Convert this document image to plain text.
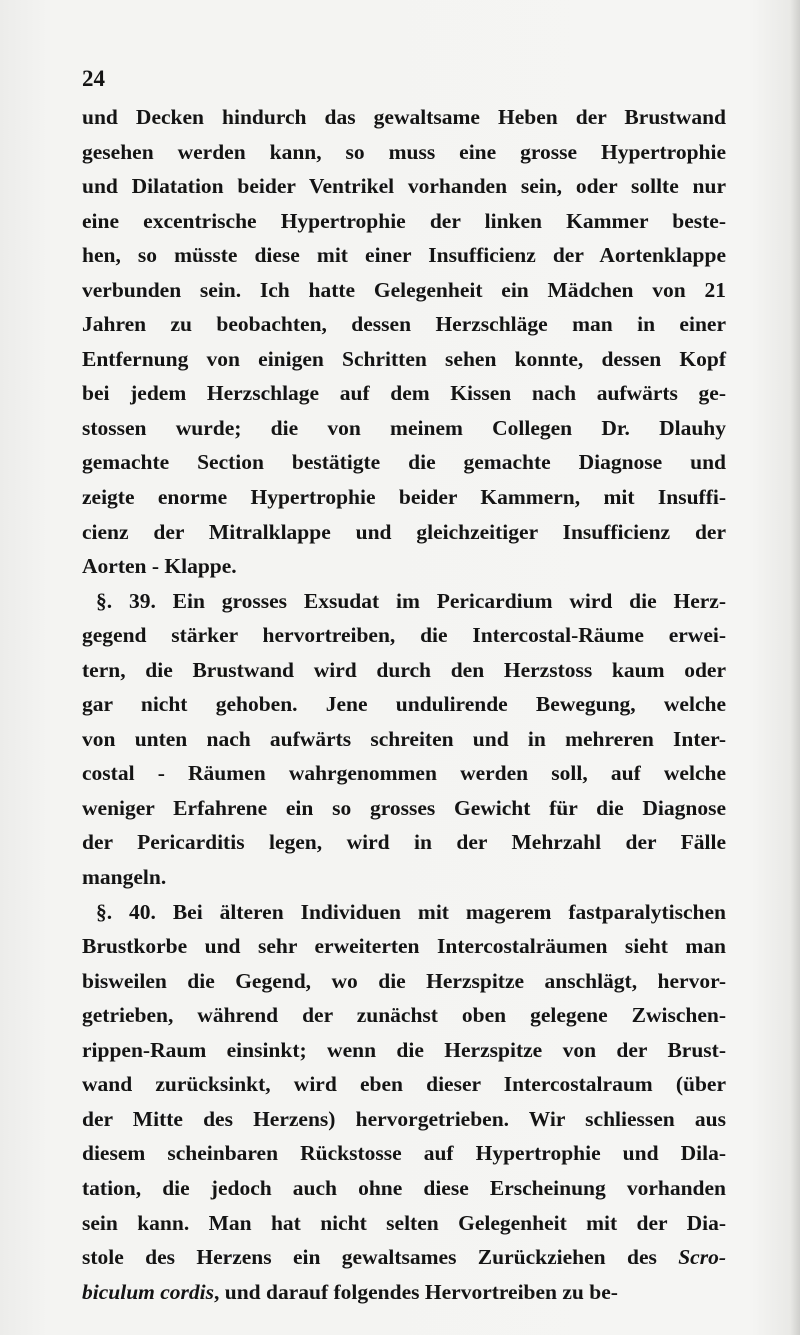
24
und Decken hindurch das gewaltsame Heben der Brustwand
gesehen werden kann, so muss eine grosse Hypertrophie
und Dilatation beider Ventrikel vorhanden sein, oder sollte nur
eine excentrische Hypertrophie der linken Kammer beste-
hen, so müsste diese mit einer Insufficienz der Aortenklappe
verbunden sein. Ich hatte Gelegenheit ein Mädchen von 21
Jahren zu beobachten, dessen Herzschläge man in einer
Entfernung von einigen Schritten sehen konnte, dessen Kopf
bei jedem Herzschlage auf dem Kissen nach aufwärts ge-
stossen wurde; die von meinem Collegen Dr. Dlauhy
gemachte Section bestätigte die gemachte Diagnose und
zeigte enorme Hypertrophie beider Kammern, mit Insuffi-
cienz der Mitralklappe und gleichzeitiger Insufficienz der
Aorten - Klappe.
§. 39. Ein grosses Exsudat im Pericardium wird die Herz-
gegend stärker hervortreiben, die Intercostal-Räume erwei-
tern, die Brustwand wird durch den Herzstoss kaum oder
gar nicht gehoben. Jene undulirende Bewegung, welche
von unten nach aufwärts schreiten und in mehreren Inter-
costal - Räumen wahrgenommen werden soll, auf welche
weniger Erfahrene ein so grosses Gewicht für die Diagnose
der Pericarditis legen, wird in der Mehrzahl der Fälle
mangeln.
§. 40. Bei älteren Individuen mit magerem fastparalytischen
Brustkorbe und sehr erweiterten Intercostalräumen sieht man
bisweilen die Gegend, wo die Herzspitze anschlägt, hervor-
getrieben, während der zunächst oben gelegene Zwischen-
rippen-Raum einsinkt; wenn die Herzspitze von der Brust-
wand zurücksinkt, wird eben dieser Intercostalraum (über
der Mitte des Herzens) hervorgetrieben. Wir schliessen aus
diesem scheinbaren Rückstosse auf Hypertrophie und Dila-
tation, die jedoch auch ohne diese Erscheinung vorhanden
sein kann. Man hat nicht selten Gelegenheit mit der Dia-
stole des Herzens ein gewaltsames Zurückziehen des Scro-
biculum cordis, und darauf folgendes Hervortreiben zu be-
